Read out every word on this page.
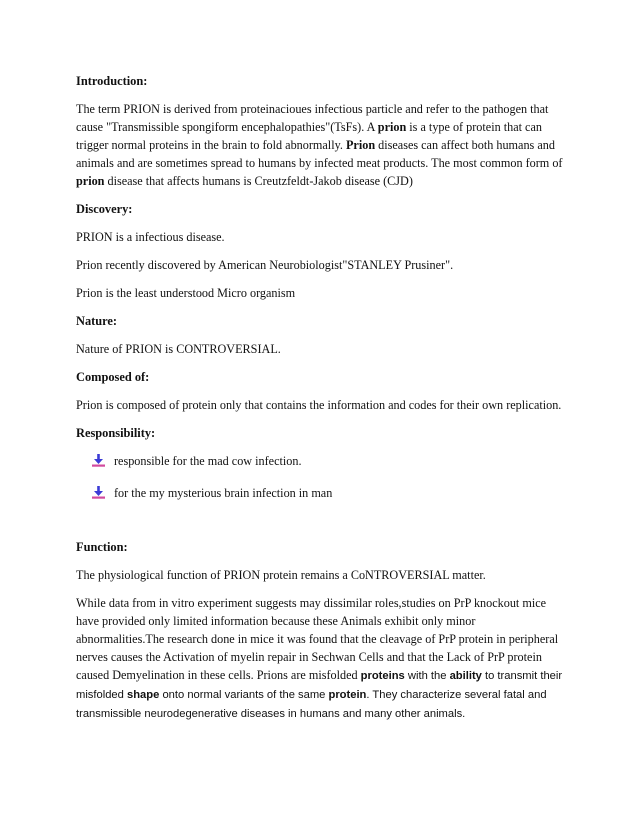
Introduction:
The term PRION is derived from proteinacioues infectious particle and refer to the pathogen that cause "Transmissible spongiform encephalopathies"(TsFs). A prion is a type of protein that can trigger normal proteins in the brain to fold abnormally. Prion diseases can affect both humans and animals and are sometimes spread to humans by infected meat products. The most common form of prion disease that affects humans is Creutzfeldt-Jakob disease (CJD)
Discovery:
PRION is a infectious disease.
Prion recently discovered by American Neurobiologist"STANLEY Prusiner".
Prion is the least understood Micro organism
Nature:
Nature of PRION is CONTROVERSIAL.
Composed of:
Prion is composed of protein only that contains the information and codes for their own replication.
Responsibility:
responsible for the mad cow infection.
for the my mysterious brain infection in man
Function:
The physiological function of PRION protein remains a CoNTROVERSIAL matter.
While data from in vitro experiment suggests may dissimilar roles,studies on PrP knockout mice have provided only limited information because these Animals exhibit only minor abnormalities.The research done in mice it was found that the cleavage of PrP protein in peripheral nerves causes the Activation of myelin repair in Sechwan Cells and that the Lack of PrP protein caused Demyelination in these cells. Prions are misfolded proteins with the ability to transmit their misfolded shape onto normal variants of the same protein. They characterize several fatal and transmissible neurodegenerative diseases in humans and many other animals.
